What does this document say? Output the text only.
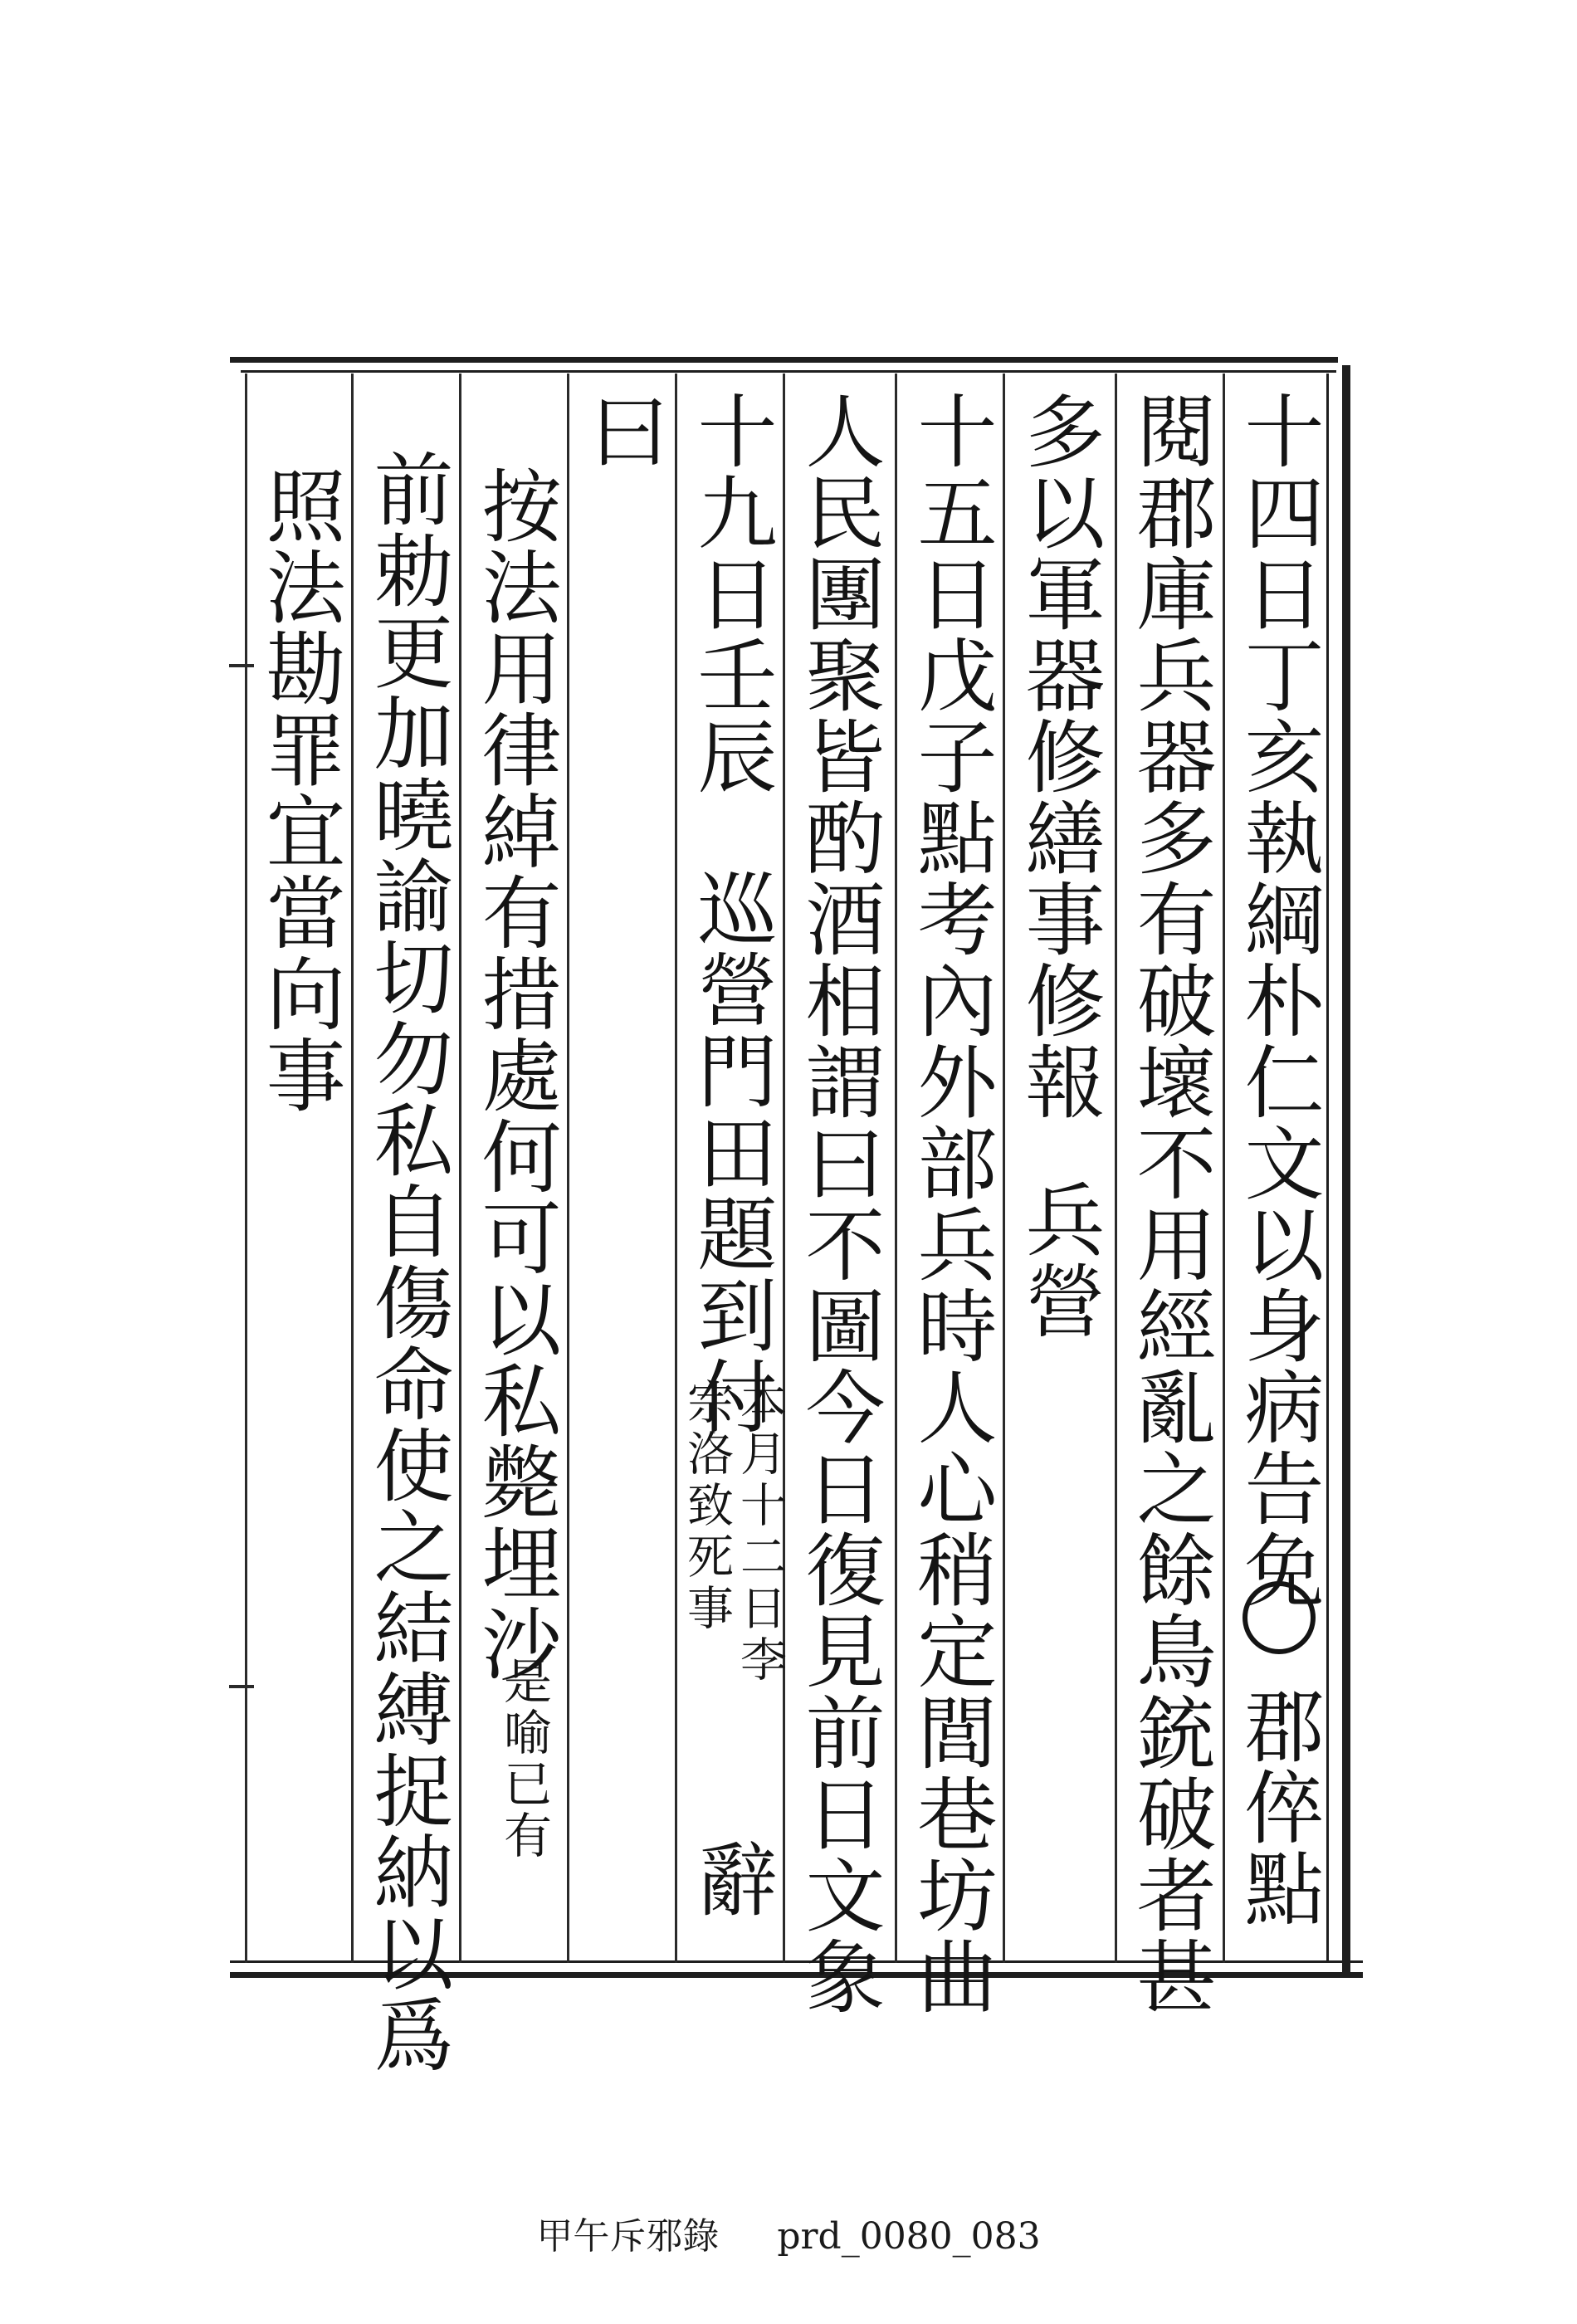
十四日丁亥執綱朴仁文以身病告免
郡倅點
閱郡庫兵器多有破壞不用經亂之餘鳥銃破者甚
多以軍器修繕事修報
兵營
十五日戊子點考內外部兵時人心稍定閭巷坊曲
人民團聚皆酌酒相謂曰不圖今日復見前日文象
十九日壬辰
巡營門田題到付
本月十二日李
宗洛致死事
辭
曰
按法用律綽有措處何可以私斃埋沙
是喻已有
前勅更加曉諭切勿私自傷命使之結縛捉納以爲
照法勘罪宜當向事
甲午斥邪錄 prd_0080_083
